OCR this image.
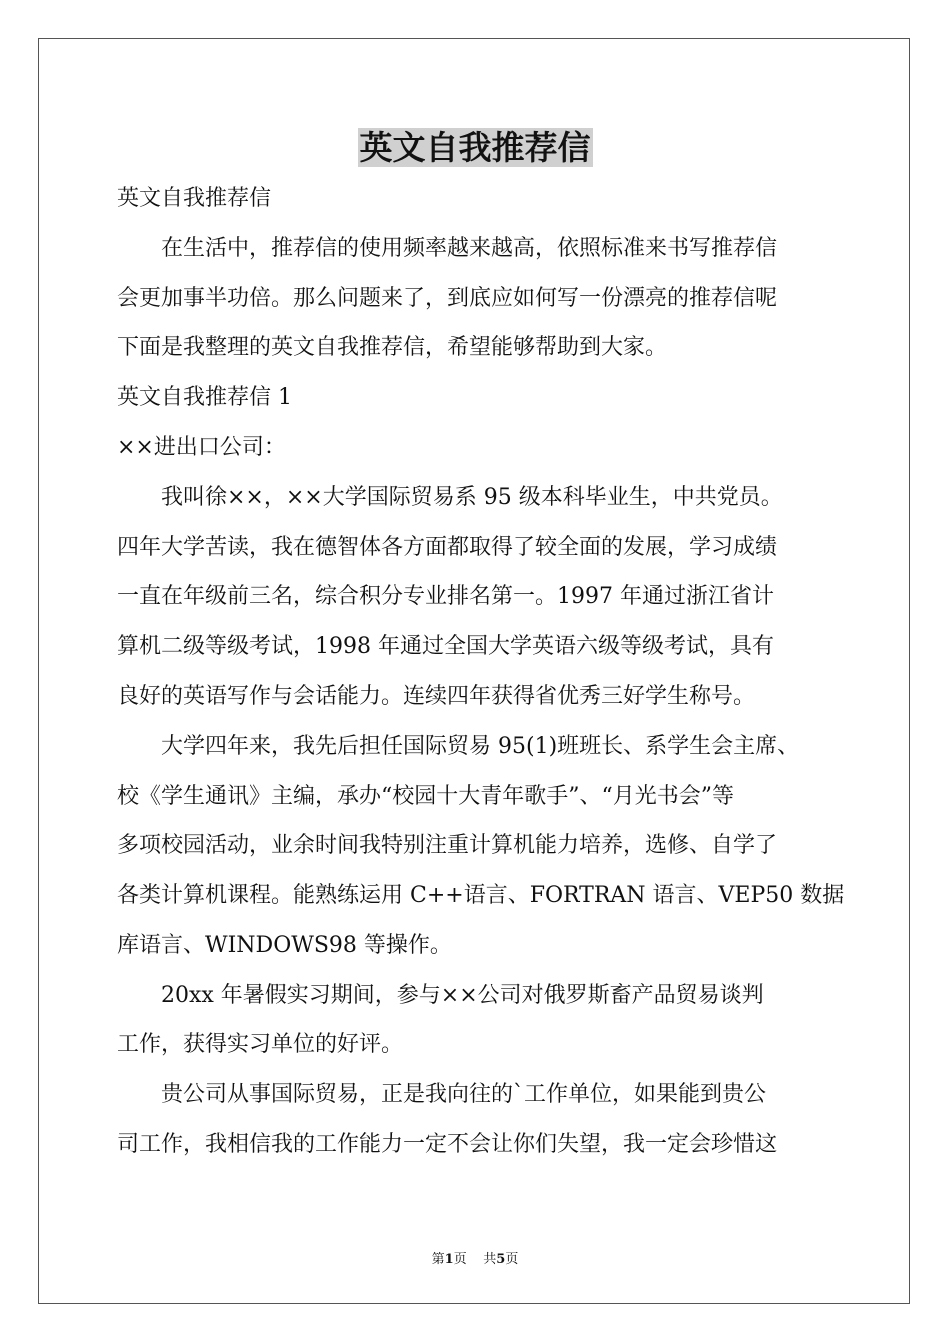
英文自我推荐信
英文自我推荐信
　　在生活中，推荐信的使用频率越来越高，依照标准来书写推荐信
会更加事半功倍。那么问题来了，到底应如何写一份漂亮的推荐信呢
下面是我整理的英文自我推荐信，希望能够帮助到大家。
英文自我推荐信 1
××进出口公司：
　　我叫徐××，××大学国际贸易系 95 级本科毕业生，中共党员。
四年大学苦读，我在德智体各方面都取得了较全面的发展，学习成绩
一直在年级前三名，综合积分专业排名第一。1997 年通过浙江省计
算机二级等级考试，1998 年通过全国大学英语六级等级考试，具有
良好的英语写作与会话能力。连续四年获得省优秀三好学生称号。
　　大学四年来，我先后担任国际贸易 95(1)班班长、系学生会主席、
校《学生通讯》主编，承办“校园十大青年歌手”、“月光书会”等
多项校园活动，业余时间我特别注重计算机能力培养，选修、自学了
各类计算机课程。能熟练运用 C++语言、FORTRAN 语言、VEP50 数据
库语言、WINDOWS98 等操作。
　　20xx 年暑假实习期间，参与××公司对俄罗斯畜产品贸易谈判
工作，获得实习单位的好评。
　　贵公司从事国际贸易，正是我向往的`工作单位，如果能到贵公
司工作，我相信我的工作能力一定不会让你们失望，我一定会珍惜这
第1页 共5页
